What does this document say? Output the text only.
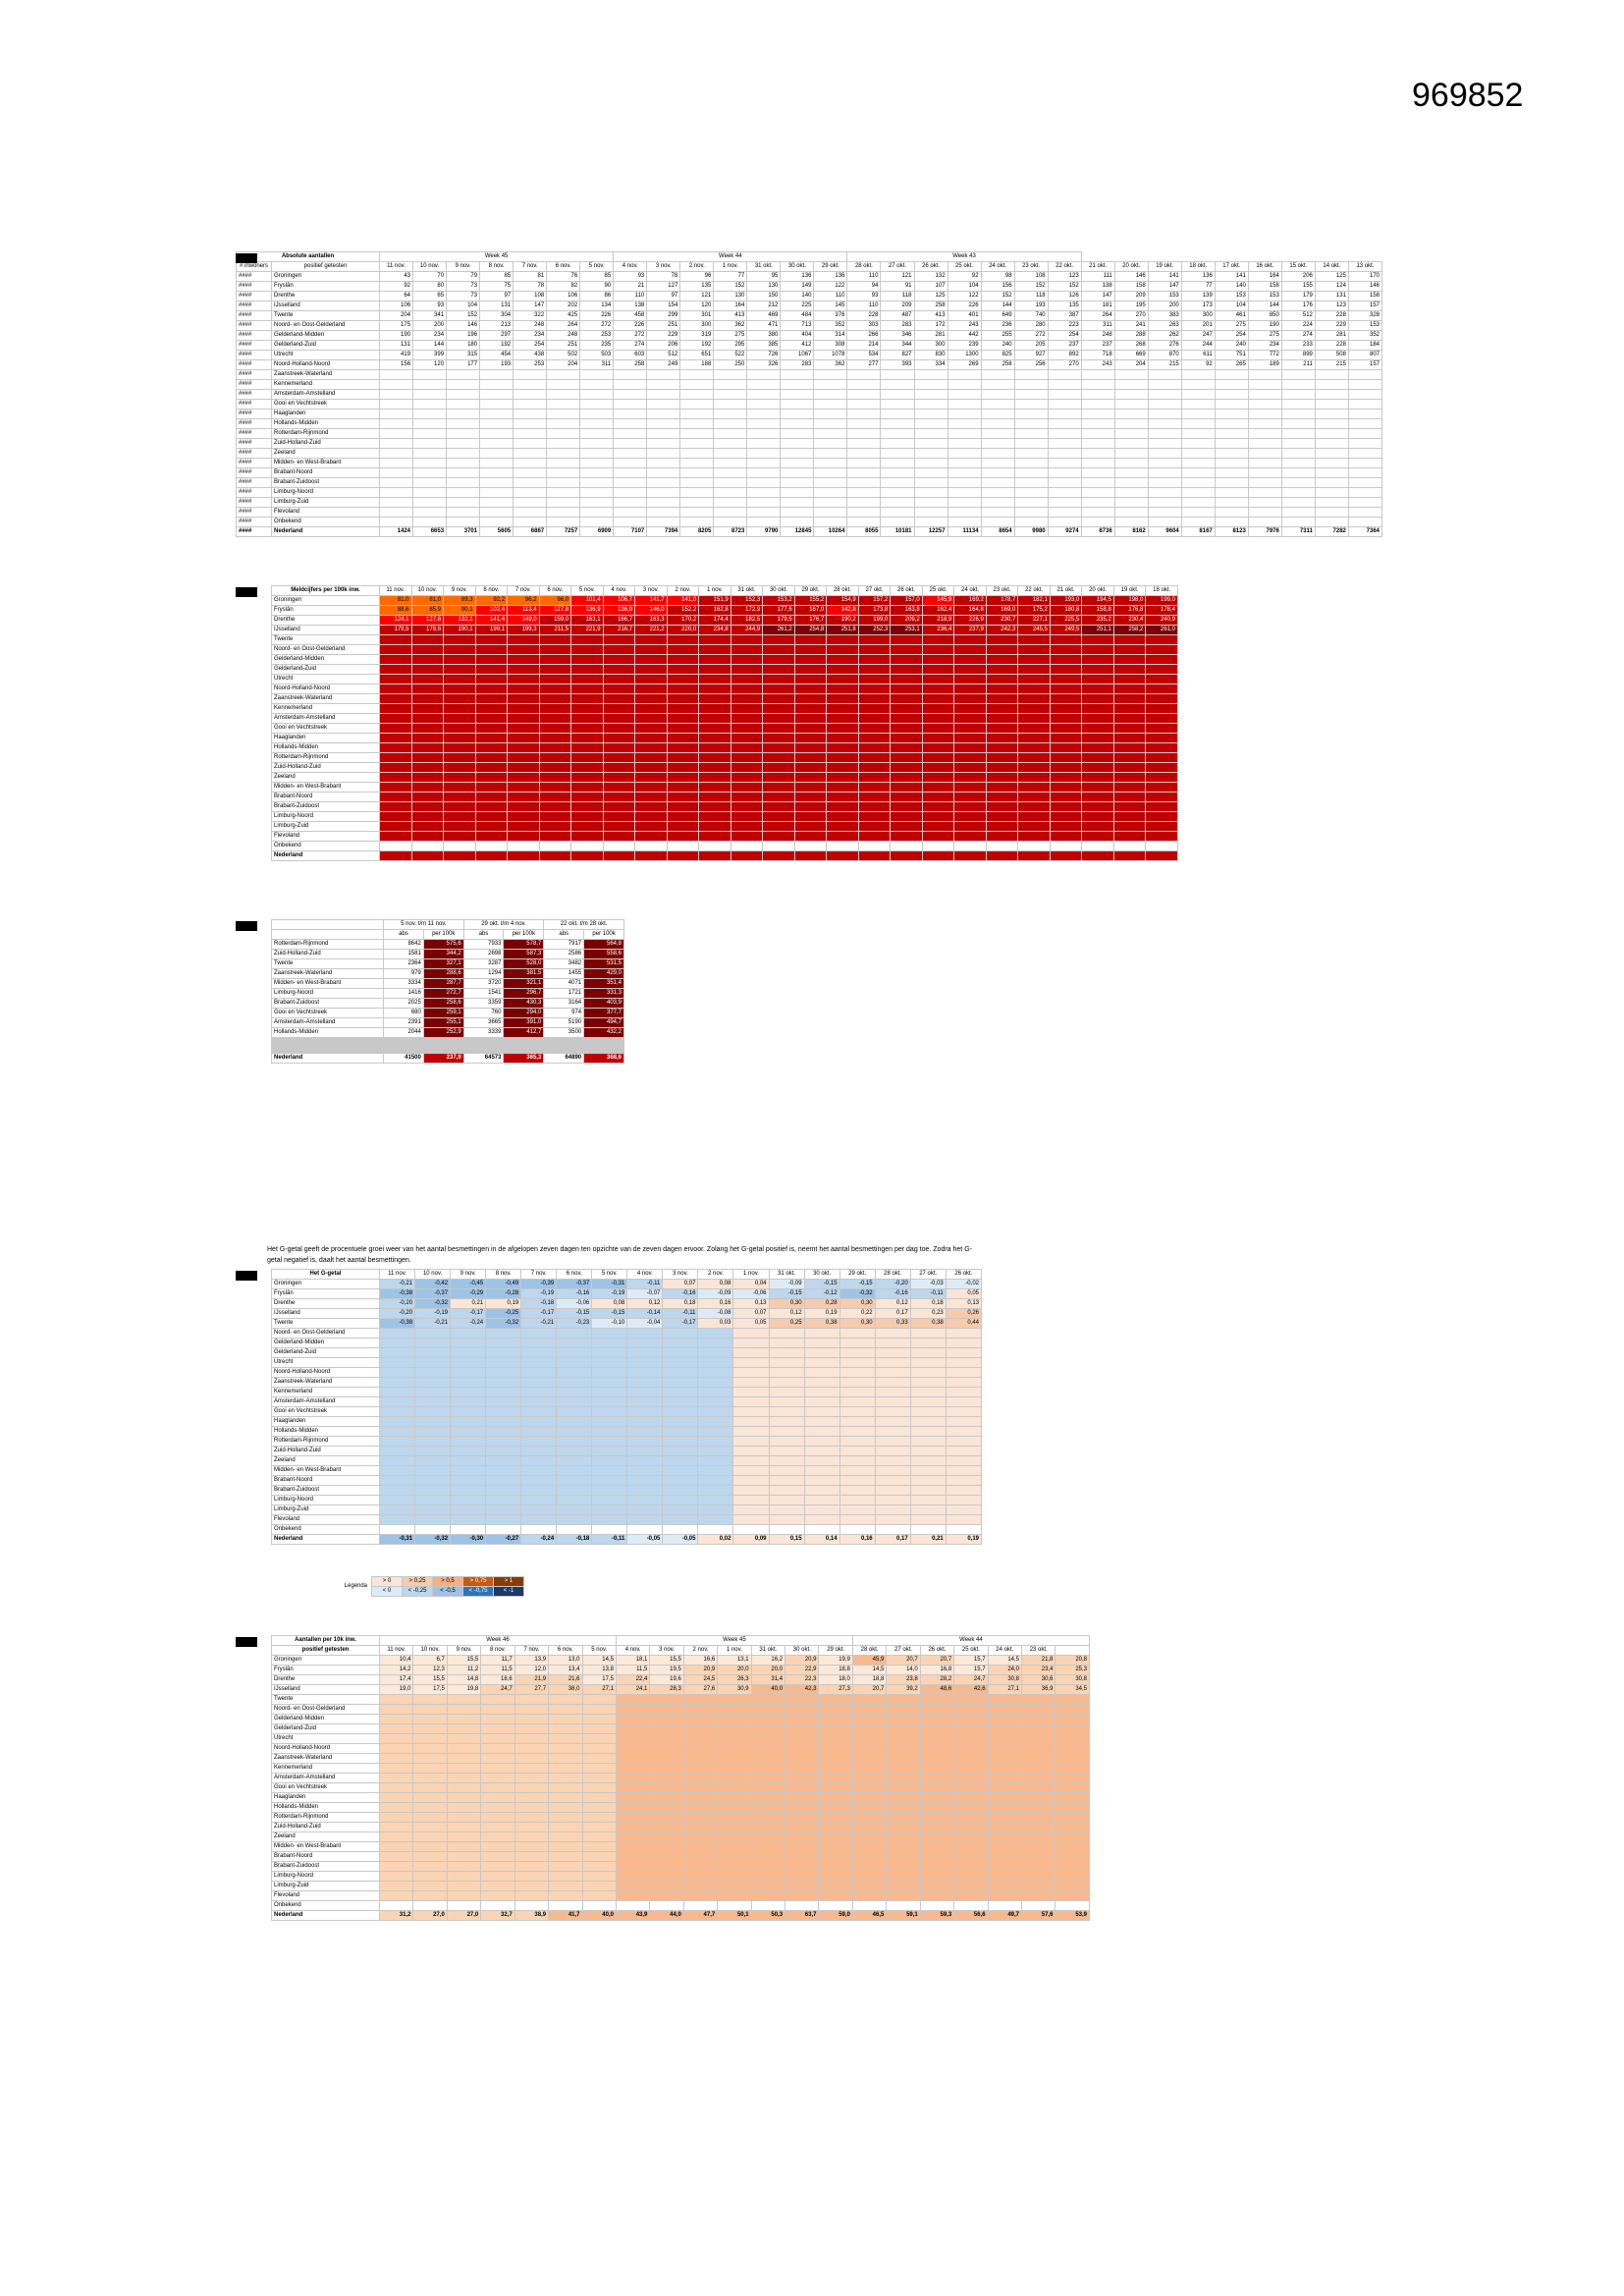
969852
Absolute aantallen		Week 45							Week 44							Week 43															
# inwoners	positief getesten	11 nov.	10 nov.	9 nov.	8 nov.	7 nov.	6 nov.	5 nov.	4 nov.	3 nov.	2 nov.	1 nov.	31 okt.	30 okt.	29 okt.	28 okt.	27 okt.	26 okt.	25 okt.	24 okt.	23 okt.	22 okt.	21 okt.	20 okt.	19 okt.	18 okt.	17 okt.	16 okt.	15 okt.	14 okt.	13 okt.
####	Groningen	43	70	79	85	81	76	85	93	78	96	77	95	136	136	110	121	132	92	98	108	123	111	146	141	136	141	164	206	125	170
####	Fryslân	92	80	73	75	78	82	90	21	127	135	152	130	149	122	94	91	107	104	156	152	152	138	158	147	77	140	158	155	124	146
####	Drenthe	64	65	73	97	108	106	86	110	97	121	130	150	140	110	93	118	125	122	152	118	126	147	209	153	139	153	153	179	131	158
####	IJsselland	106	93	104	131	147	202	134	138	154	120	164	212	225	145	110	209	258	226	144	193	135	181	195	200	173	104	144	176	123	157
####	Twente	204	341	152	304	322	425	226	458	299	301	413	469	484	376	228	487	413	401	649	740	387	264	270	383	300	461	850	512	228	328
####	Noord- en Oost-Gelderland	175	200	146	213	248	264	272	226	251	300	362	471	713	352	303	283	172	243	236	280	223	311	241	263	201	275	190	224	229	153
####	Gelderland-Midden	190	234	196	297	234	248	253	272	229	319	275	380	404	314	266	346	281	442	255	272	254	248	288	262	247	254	275	274	281	352
####	Gelderland-Zuid	131	144	180	192	254	251	235	274	206	192	295	385	412	308	214	344	300	239	240	205	237	237	268	276	244	240	234	233	228	184
####	Utrecht	419	399	315	454	438	502	503	603	512	651	522	726	1067	1078	534	827	830	1300	825	927	892	718	669	870	611	751	772	899	508	807
####	Noord-Holland-Noord	156	120	177	193	253	204	311	258	249	188	250	326	283	362	277	393	334	269	258	256	270	243	204	215	92	265	189	211	215	157
####	Zaanstreek-Waterland																														
####	Kennemerland																														
####	Amsterdam-Amstelland																														
####	Gooi en Vechtstreek																														
####	Haaglanden																														
####	Hollands-Midden																														
####	Rotterdam-Rijnmond																														
####	Zuid-Holland-Zuid																														
####	Zeeland																														
####	Midden- en West-Brabant																														
####	Brabant-Noord																														
####	Brabant-Zuidoost																														
####	Limburg-Noord																														
####	Limburg-Zuid																														
####	Flevoland																														
####	Onbekend																														
####	Nederland	1424	6653	3701	5605	6867	7257	6909	7107	7394	8205	8723	9790	12845	10264	8055	10181	12257	11134	8654	9980	9274	8736	8162	9604	8167	8123	7976	7311	7282	7364
Meldcijfers per 100k inw.	11 nov.	10 nov.	9 nov.	8 nov.	7 nov.	6 nov.	5 nov.	4 nov.	3 nov.	2 nov.	1 nov.	31 okt.	30 okt.	29 okt.	28 okt.	27 okt.	26 okt.	25 okt.	24 okt.	23 okt.	22 okt.	21 okt.	20 okt.	19 okt.	18 okt.
Groningen	81,0	81,0	89,3	92,2	96,2	96,0	101,4	106,7	141,7	141,0	151,9	152,3	153,2	155,2	154,9	157,2	157,0	145,9	169,2	178,7	182,1	193,0	194,5	198,0	199,0
Fryslân	88,6	85,9	90,1	102,4	113,4	127,8	136,9	136,9	146,0	152,2	162,8	172,9	177,6	167,0	142,8	173,8	163,8	162,4	164,8	169,0	175,2	180,8	158,8	176,8	178,4
Drenthe	124,1	127,6	132,1	141,4	149,0	159,0	163,1	166,7	163,3	170,2	174,4	182,5	179,5	176,7	190,2	199,0	209,2	218,9	226,9	230,7	227,1	225,5	235,2	230,4	240,9
IJsselland	179,5	178,6	190,1	199,1	199,3	211,5	221,9	216,7	221,2	220,0	234,8	244,9	261,2	254,8	251,8	252,3	253,1	236,4	237,9	242,3	245,5	249,5	251,1	258,2	261,0
Twente																									
Noord- en Oost-Gelderland																									
Gelderland-Midden																									
Gelderland-Zuid																									
Utrecht																									
Noord-Holland-Noord																									
Zaanstreek-Waterland																									
Kennemerland																									
Amsterdam-Amstelland																									
Gooi en Vechtstreek																									
Haaglanden																									
Hollands-Midden																									
Rotterdam-Rijnmond																									
Zuid-Holland-Zuid																									
Zeeland																									
Midden- en West-Brabant																									
Brabant-Noord																									
Brabant-Zuidoost																									
Limburg-Noord																									
Limburg-Zuid																									
Flevoland																									
Onbekend																									
Nederland																									
	5 nov. t/m 11 nov.		29 okt. t/m 4 nov.		22 okt. t/m 28 okt.	
	abs	per 100k	abs	per 100k	abs	per 100k
Rotterdam-Rijnmond	8642	575,6	7933	578,7	7917	564,8
Zuid-Holland-Zuid	1581	344,2	2698	587,3	2586	558,6
Twente	2364	327,1	3287	528,0	3482	531,5
Zaanstreek-Waterland	979	288,6	1294	381,5	1455	429,0
Midden- en West-Brabant	3334	287,7	3720	321,1	4071	351,4
Limburg-Noord	1416	272,7	1541	296,7	1721	331,3
Brabant-Zuidoost	2025	258,6	3359	430,3	3164	403,9
Gooi en Vechtstreek	680	259,1	760	294,0	974	377,7
Amsterdam-Amstelland	2391	255,1	3665	391,0	5190	494,7
Hollands-Midden	2044	252,9	3339	412,7	3500	432,2

Nederland	41500	237,9	64573	365,3	64890	368,6
Het G-getal geeft de procentuele groei weer van het aantal besmettingen in de afgelopen zeven dagen ten opzichte van de zeven dagen ervoor. Zolang het G-getal positief is, neemt het aantal besmettingen per dag toe. Zodra het G-getal negatief is, daalt het aantal besmettingen.
Het G-getal	11 nov.	10 nov.	9 nov.	8 nov.	7 nov.	6 nov.	5 nov.	4 nov.	3 nov.	2 nov.	1 nov.	31 okt.	30 okt.	29 okt.	28 okt.	27 okt.	26 okt.
Groningen	-0,21	-0,42	-0,45	-0,49	-0,39	-0,37	-0,31	-0,11	0,07	0,08	0,04	-0,09	-0,15	-0,15	-0,20	-0,03	-0,02
Fryslân	-0,38	-0,37	-0,29	-0,28	-0,19	-0,16	-0,19	-0,07	-0,16	-0,09	-0,06	-0,15	-0,12	-0,32	-0,16	-0,11	0,05
Drenthe	-0,20	-0,32	0,21	0,19	-0,18	-0,06	0,08	0,12	0,18	0,16	0,13	0,30	0,28	0,30	0,12	0,18	0,13
IJsselland	-0,20	-0,19	-0,17	-0,25	-0,17	-0,15	-0,15	-0,14	-0,11	-0,08	0,07	0,12	0,19	0,22	0,17	0,23	0,26
Twente	-0,38	-0,21	-0,24	-0,32	-0,21	-0,23	-0,10	-0,04	-0,17	0,03	0,05	0,25	0,38	0,30	0,33	0,38	0,44
Noord- en Oost-Gelderland																	
Gelderland-Midden																	
Gelderland-Zuid																	
Utrecht																	
Noord-Holland-Noord																	
Zaanstreek-Waterland																	
Kennemerland																	
Amsterdam-Amstelland																	
Gooi en Vechtstreek																	
Haaglanden																	
Hollands-Midden																	
Rotterdam-Rijnmond																	
Zuid-Holland-Zuid																	
Zeeland																	
Midden- en West-Brabant																	
Brabant-Noord																	
Brabant-Zuidoost																	
Limburg-Noord																	
Limburg-Zuid																	
Flevoland																	
Onbekend																	
Nederland	-0,31	-0,32	-0,30	-0,27	-0,24	-0,18	-0,11	-0,05	-0,05	0,02	0,09	0,15	0,14	0,16	0,17	0,21	0,19
Legenda	> 0	> 0,25	> 0,5	> 0,75	> 1
	< 0	< -0,25	< -0,5	< -0,75	< -1
Aantallen per 10k inw.	Week 46							Week 45							Week 44						
positief getesten	11 nov.	10 nov.	9 nov.	8 nov.	7 nov.	6 nov.	5 nov.	4 nov.	3 nov.	2 nov.	1 nov.	31 okt.	30 okt.	29 okt.	28 okt.	27 okt.	26 okt.	25 okt.	24 okt.	23 okt.	
Groningen	10,4	6,7	15,5	11,7	13,9	13,0	14,5	18,1	15,5	16,6	13,1	16,2	20,9	19,9	45,9	20,7	20,7	15,7	14,5	21,8	20,8
Fryslân	14,2	12,3	11,2	11,5	12,0	13,4	13,8	11,5	19,5	20,9	20,0	20,0	22,9	18,8	14,5	14,0	16,8	15,7	24,0	23,4	25,3
Drenthe	17,4	15,5	14,8	18,6	21,9	21,6	17,5	22,4	19,6	24,5	26,3	31,4	22,3	18,0	18,8	23,8	28,2	24,7	30,8	30,6	30,8
IJsselland	19,0	17,5	19,8	24,7	27,7	38,0	27,1	24,1	28,3	27,6	30,9	40,0	42,3	27,3	20,7	39,2	48,6	42,6	27,1	36,9	34,5
Twente																					
Noord- en Oost-Gelderland																					
Gelderland-Midden																					
Gelderland-Zuid																					
Utrecht																					
Noord-Holland-Noord																					
Zaanstreek-Waterland																					
Kennemerland																					
Amsterdam-Amstelland																					
Gooi en Vechtstreek																					
Haaglanden																					
Hollands-Midden																					
Rotterdam-Rijnmond																					
Zuid-Holland-Zuid																					
Zeeland																					
Midden- en West-Brabant																					
Brabant-Noord																					
Brabant-Zuidoost																					
Limburg-Noord																					
Limburg-Zuid																					
Flevoland																					
Onbekend																					
Nederland	31,2	27,0	27,0	32,7	38,9	41,7	40,0	43,9	44,0	47,7	50,1	50,3	63,7	59,0	46,5	59,1	59,3	56,6	49,7	57,6	53,9
